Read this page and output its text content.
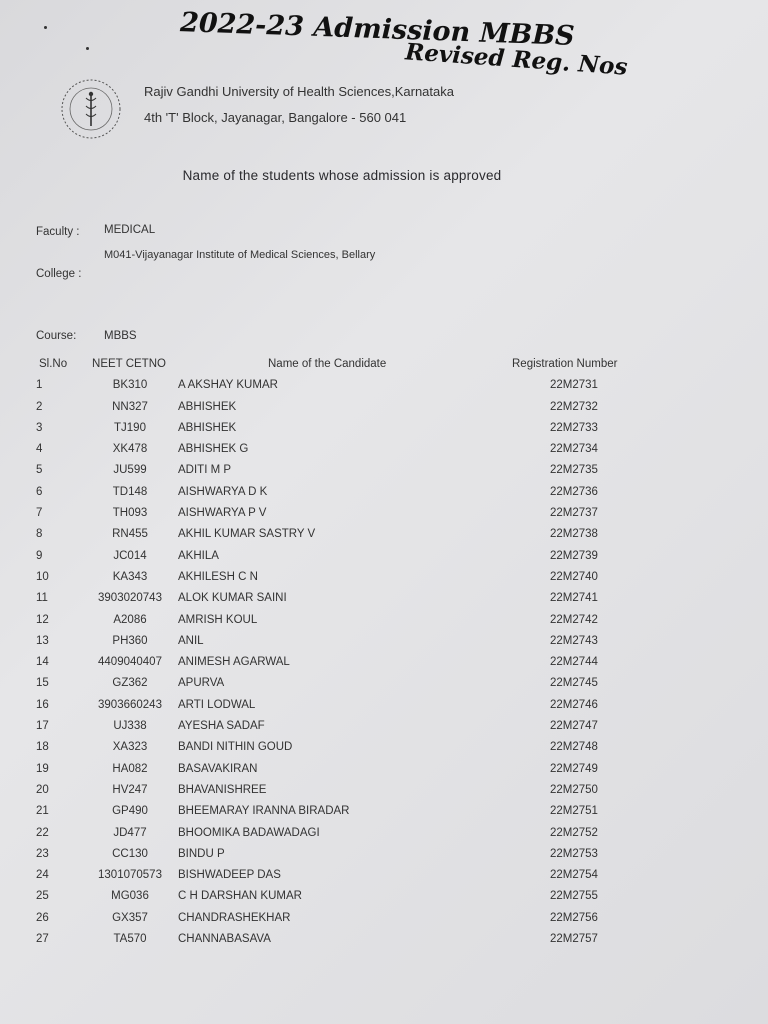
2022-23 Admission MBBS
Revised Reg. Nos
Rajiv Gandhi University of Health Sciences,Karnataka
4th 'T' Block, Jayanagar, Bangalore - 560 041
Name of the students whose admission is approved
Faculty : MEDICAL
M041-Vijayanagar Institute of Medical Sciences, Bellary
College :
Course: MBBS
Sl.No	NEET CETNO	Name of the Candidate	Registration Number
1	BK310	A AKSHAY KUMAR	22M2731
2	NN327	ABHISHEK	22M2732
3	TJ190	ABHISHEK	22M2733
4	XK478	ABHISHEK G	22M2734
5	JU599	ADITI M P	22M2735
6	TD148	AISHWARYA D K	22M2736
7	TH093	AISHWARYA P V	22M2737
8	RN455	AKHIL KUMAR SASTRY V	22M2738
9	JC014	AKHILA	22M2739
10	KA343	AKHILESH C N	22M2740
11	3903020743	ALOK KUMAR SAINI	22M2741
12	A2086	AMRISH KOUL	22M2742
13	PH360	ANIL	22M2743
14	4409040407	ANIMESH AGARWAL	22M2744
15	GZ362	APURVA	22M2745
16	3903660243	ARTI LODWAL	22M2746
17	UJ338	AYESHA SADAF	22M2747
18	XA323	BANDI NITHIN GOUD	22M2748
19	HA082	BASAVAKIRAN	22M2749
20	HV247	BHAVANISHREE	22M2750
21	GP490	BHEEMARAY IRANNA BIRADAR	22M2751
22	JD477	BHOOMIKA BADAWADAGI	22M2752
23	CC130	BINDU P	22M2753
24	1301070573	BISHWADEEP DAS	22M2754
25	MG036	C H DARSHAN KUMAR	22M2755
26	GX357	CHANDRASHEKHAR	22M2756
27	TA570	CHANNABASAVA	22M2757
